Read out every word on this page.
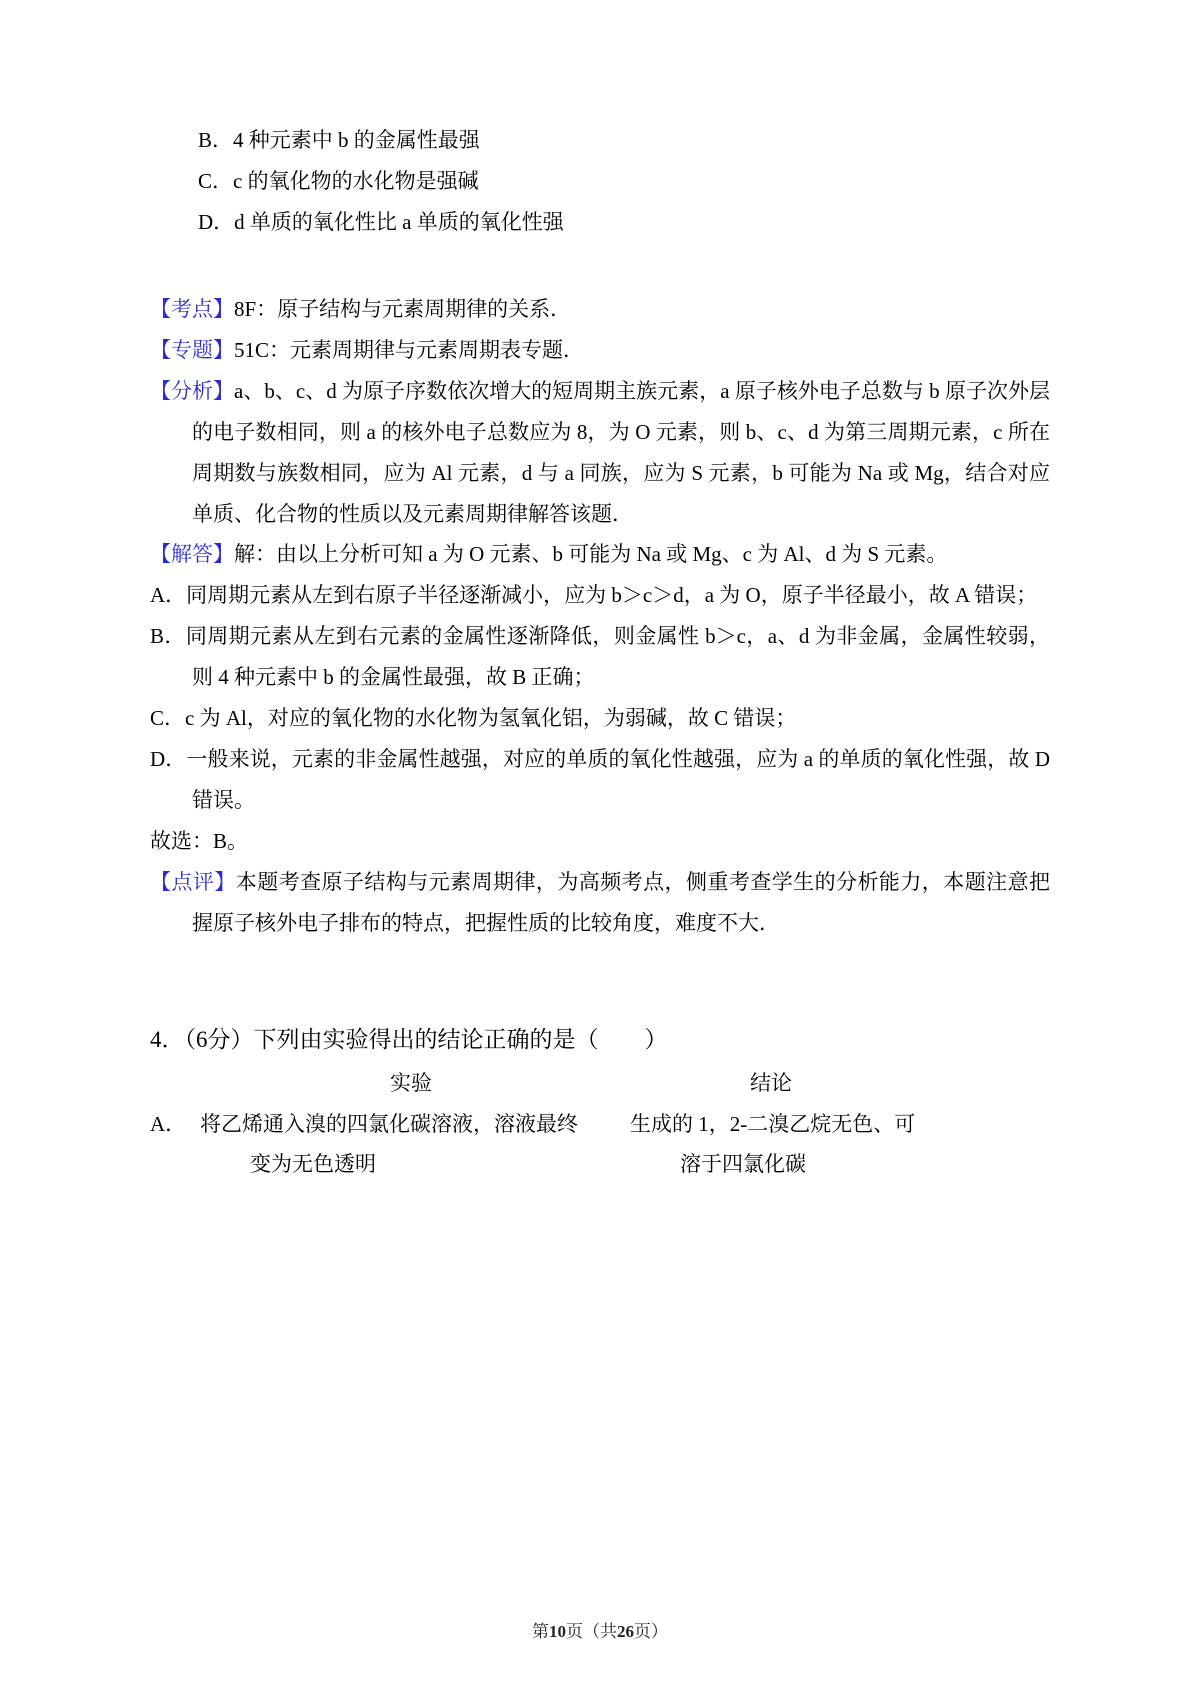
B．4 种元素中 b 的金属性最强
C．c 的氧化物的水化物是强碱
D．d 单质的氧化性比 a 单质的氧化性强
【考点】8F：原子结构与元素周期律的关系．
【专题】51C：元素周期律与元素周期表专题．
【分析】a、b、c、d 为原子序数依次增大的短周期主族元素，a 原子核外电子总数与 b 原子次外层的电子数相同，则 a 的核外电子总数应为 8，为 O 元素，则 b、c、d 为第三周期元素，c 所在周期数与族数相同，应为 Al 元素，d 与 a 同族，应为 S 元素，b 可能为 Na 或 Mg，结合对应单质、化合物的性质以及元素周期律解答该题．
【解答】解：由以上分析可知 a 为 O 元素、b 可能为 Na 或 Mg、c 为 Al、d 为 S 元素。
A．同周期元素从左到右原子半径逐渐减小，应为 b＞c＞d，a 为 O，原子半径最小，故 A 错误；
B．同周期元素从左到右元素的金属性逐渐降低，则金属性 b＞c，a、d 为非金属，金属性较弱，则 4 种元素中 b 的金属性最强，故 B 正确；
C．c 为 Al，对应的氧化物的水化物为氢氧化铝，为弱碱，故 C 错误；
D．一般来说，元素的非金属性越强，对应的单质的氧化性越强，应为 a 的单质的氧化性强，故 D 错误。
故选：B。
【点评】本题考查原子结构与元素周期律，为高频考点，侧重考查学生的分析能力，本题注意把握原子核外电子排布的特点，把握性质的比较角度，难度不大．
4．（6分）下列由实验得出的结论正确的是（　　）
实验	结论
A． 将乙烯通入溴的四氯化碳溶液，溶液最终	生成的 1，2‐二溴乙烷无色、可
变为无色透明	溶于四氯化碳
第10页（共26页）
